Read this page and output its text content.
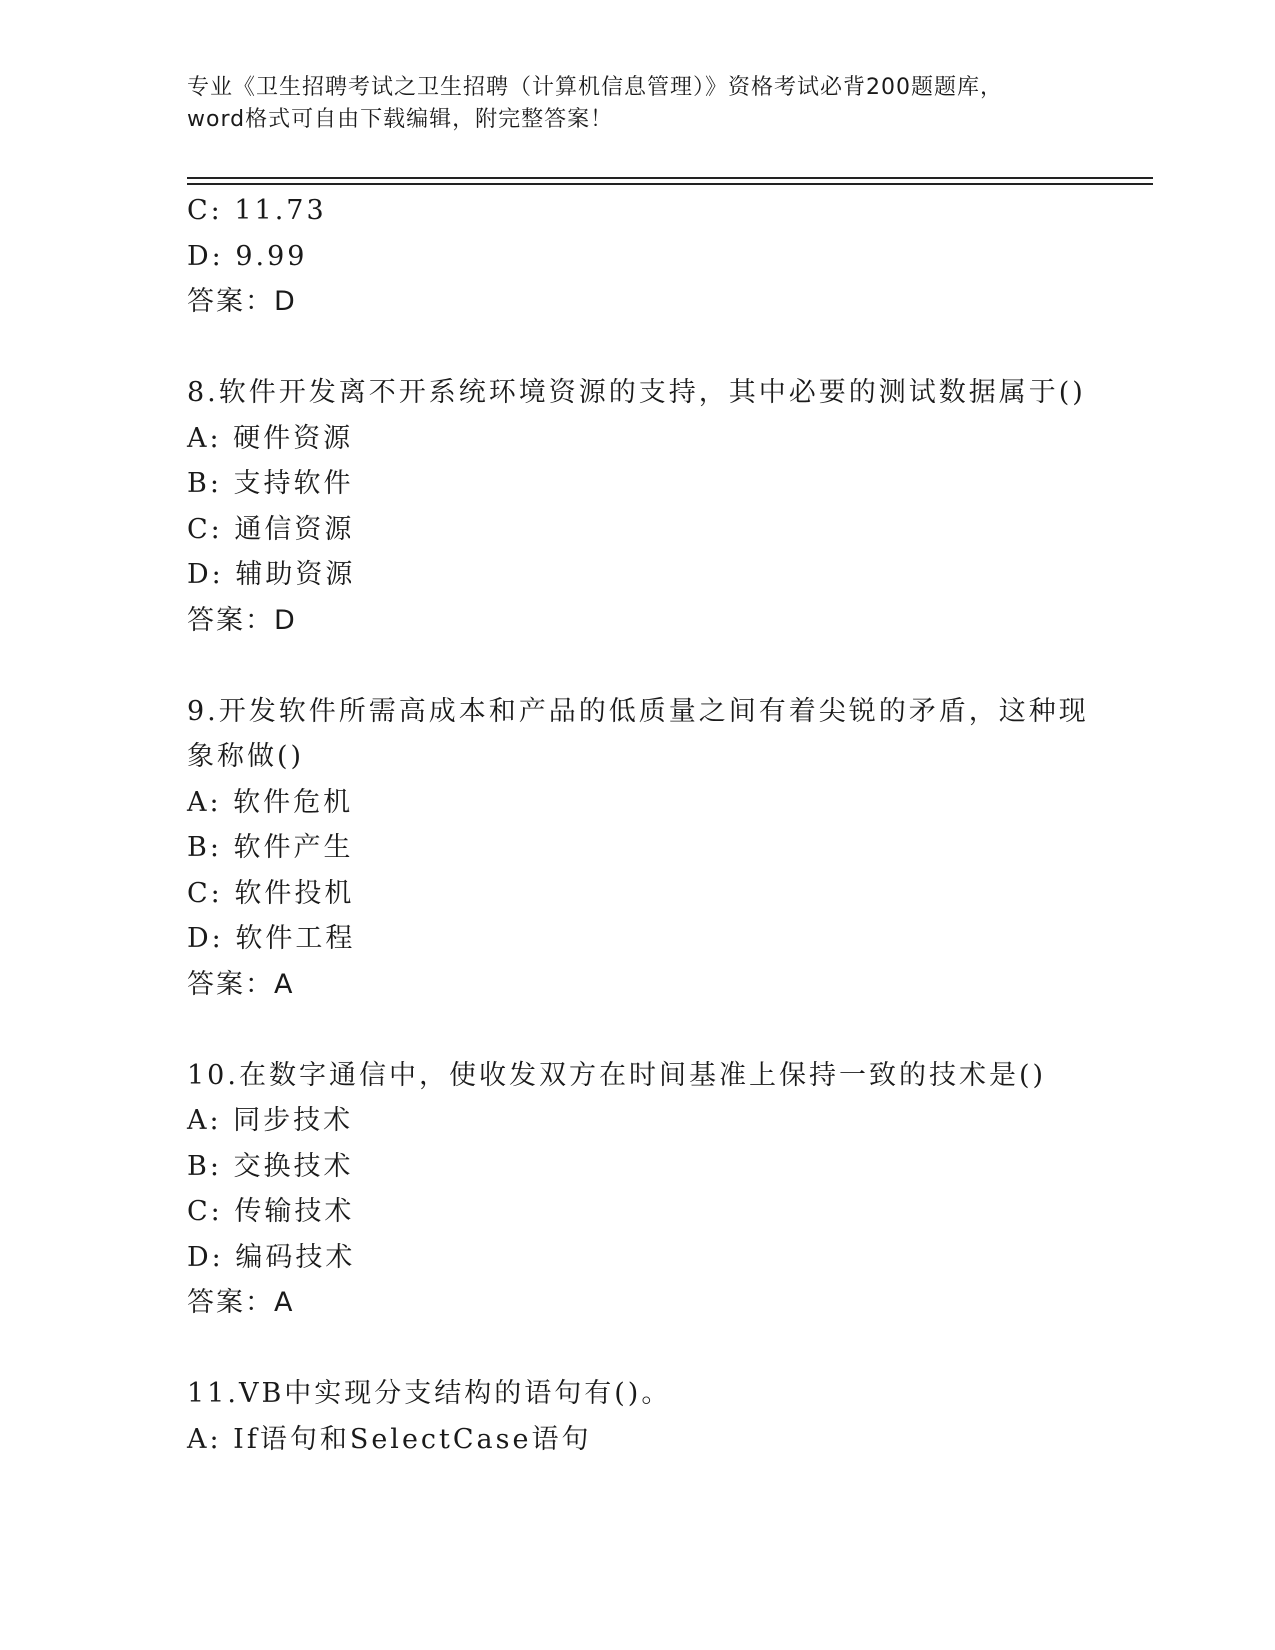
专业《卫生招聘考试之卫生招聘（计算机信息管理）》资格考试必背200题题库，
word格式可自由下载编辑，附完整答案！
C: 11.73
D: 9.99
答案：D
8.软件开发离不开系统环境资源的支持，其中必要的测试数据属于()
A: 硬件资源
B: 支持软件
C: 通信资源
D: 辅助资源
答案：D
9.开发软件所需高成本和产品的低质量之间有着尖锐的矛盾，这种现
象称做()
A: 软件危机
B: 软件产生
C: 软件投机
D: 软件工程
答案：A
10.在数字通信中，使收发双方在时间基准上保持一致的技术是()
A: 同步技术
B: 交换技术
C: 传输技术
D: 编码技术
答案：A
11.VB中实现分支结构的语句有()。
A: If语句和SelectCase语句
